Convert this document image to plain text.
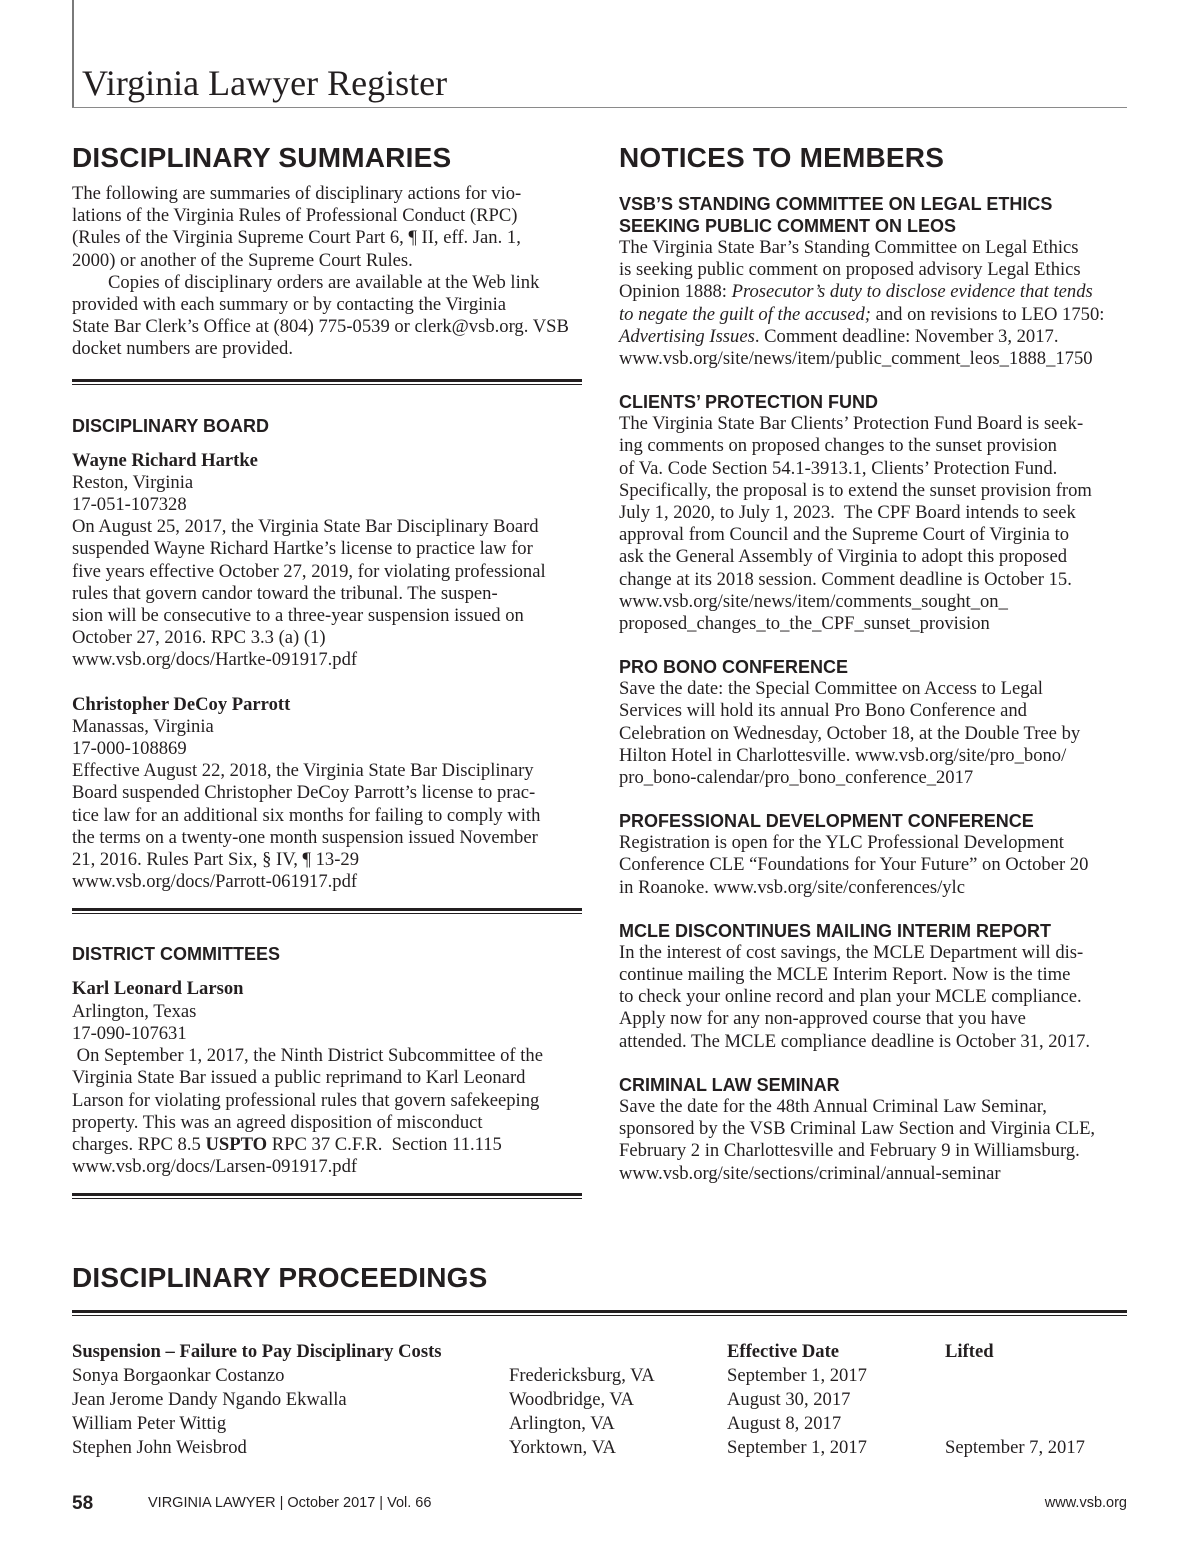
Virginia Lawyer Register
DISCIPLINARY SUMMARIES

The following are summaries of disciplinary actions for vio-
lations of the Virginia Rules of Professional Conduct (RPC)
(Rules of the Virginia Supreme Court Part 6, ¶ II, eff. Jan. 1,
2000) or another of the Supreme Court Rules.

Copies of disciplinary orders are available at the Web link
provided with each summary or by contacting the Virginia
State Bar Clerk’s Office at (804) 775-0539 or clerk@vsb.org. VSB
docket numbers are provided.

DISCIPLINARY BOARD

Wayne Richard Hartke
Reston, Virginia
17-051-107328
On August 25, 2017, the Virginia State Bar Disciplinary Board
suspended Wayne Richard Hartke’s license to practice law for
five years effective October 27, 2019, for violating professional
rules that govern candor toward the tribunal. The suspen-
sion will be consecutive to a three-year suspension issued on
October 27, 2016. RPC 3.3 (a) (1)
www.vsb.org/docs/Hartke-091917.pdf

Christopher DeCoy Parrott
Manassas, Virginia
17-000-108869
Effective August 22, 2018, the Virginia State Bar Disciplinary
Board suspended Christopher DeCoy Parrott’s license to prac-
tice law for an additional six months for failing to comply with
the terms on a twenty-one month suspension issued November
21, 2016. Rules Part Six, § IV, ¶ 13-29
www.vsb.org/docs/Parrott-061917.pdf

DISTRICT COMMITTEES

Karl Leonard Larson
Arlington, Texas
17-090-107631
On September 1, 2017, the Ninth District Subcommittee of the
Virginia State Bar issued a public reprimand to Karl Leonard
Larson for violating professional rules that govern safekeeping
property. This was an agreed disposition of misconduct
charges. RPC 8.5 USPTO RPC 37 C.F.R.  Section 11.115
www.vsb.org/docs/Larsen-091917.pdf

NOTICES TO MEMBERS
VSB’S STANDING COMMITTEE ON LEGAL ETHICS
SEEKING PUBLIC COMMENT ON LEOS

The Virginia State Bar’s Standing Committee on Legal Ethics
is seeking public comment on proposed advisory Legal Ethics
Opinion 1888: Prosecutor’s duty to disclose evidence that tends
to negate the guilt of the accused; and on revisions to LEO 1750:
Advertising Issues. Comment deadline: November 3, 2017.
www.vsb.org/site/news/item/public_comment_leos_1888_1750

CLIENTS’ PROTECTION FUND

The Virginia State Bar Clients’ Protection Fund Board is seek-
ing comments on proposed changes to the sunset provision
of Va. Code Section 54.1-3913.1, Clients’ Protection Fund.
Specifically, the proposal is to extend the sunset provision from
July 1, 2020, to July 1, 2023.  The CPF Board intends to seek
approval from Council and the Supreme Court of Virginia to
ask the General Assembly of Virginia to adopt this proposed
change at its 2018 session. Comment deadline is October 15.
www.vsb.org/site/news/item/comments_sought_on_
proposed_changes_to_the_CPF_sunset_provision

PRO BONO CONFERENCE

Save the date: the Special Committee on Access to Legal
Services will hold its annual Pro Bono Conference and
Celebration on Wednesday, October 18, at the Double Tree by
Hilton Hotel in Charlottesville. www.vsb.org/site/pro_bono/
pro_bono-calendar/pro_bono_conference_2017

PROFESSIONAL DEVELOPMENT CONFERENCE

Registration is open for the YLC Professional Development
Conference CLE “Foundations for Your Future” on October 20
in Roanoke. www.vsb.org/site/conferences/ylc

MCLE DISCONTINUES MAILING INTERIM REPORT

In the interest of cost savings, the MCLE Department will dis-
continue mailing the MCLE Interim Report. Now is the time
to check your online record and plan your MCLE compliance.
Apply now for any non-approved course that you have
attended. The MCLE compliance deadline is October 31, 2017.

CRIMINAL LAW SEMINAR

Save the date for the 48th Annual Criminal Law Seminar,
sponsored by the VSB Criminal Law Section and Virginia CLE,
February 2 in Charlottesville and February 9 in Williamsburg.
www.vsb.org/site/sections/criminal/annual-seminar

DISCIPLINARY PROCEEDINGS
Suspension – Failure to Pay Disciplinary Costs		Effective Date	Lifted
Sonya Borgaonkar Costanzo	Fredericksburg, VA	September 1, 2017	
Jean Jerome Dandy Ngando Ekwalla	Woodbridge, VA	August 30, 2017	
William Peter Wittig	Arlington, VA	August 8, 2017	
Stephen John Weisbrod	Yorktown, VA	September 1, 2017	September 7, 2017
58	VIRGINIA LAWYER | October 2017 | Vol. 66	www.vsb.org
